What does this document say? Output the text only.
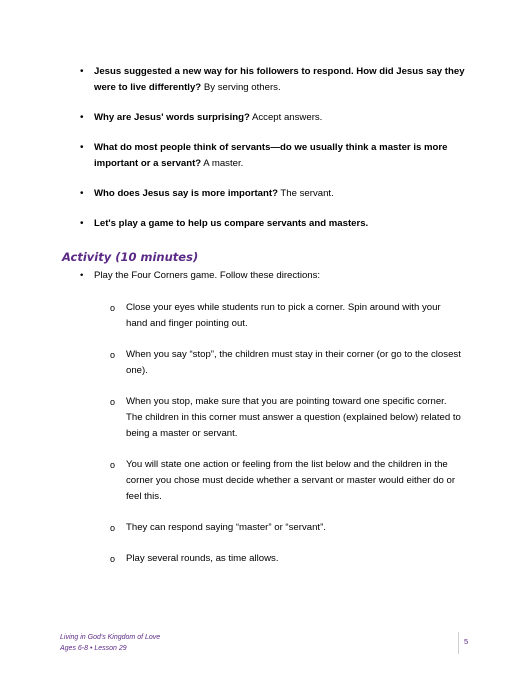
• Jesus suggested a new way for his followers to respond. How did Jesus say they were to live differently? By serving others.
• Why are Jesus' words surprising? Accept answers.
• What do most people think of servants—do we usually think a master is more important or a servant? A master.
• Who does Jesus say is more important? The servant.
• Let's play a game to help us compare servants and masters.
Activity (10 minutes)
• Play the Four Corners game. Follow these directions:
o Close your eyes while students run to pick a corner. Spin around with your hand and finger pointing out.
o When you say “stop”, the children must stay in their corner (or go to the closest one).
o When you stop, make sure that you are pointing toward one specific corner. The children in this corner must answer a question (explained below) related to being a master or servant.
o You will state one action or feeling from the list below and the children in the corner you chose must decide whether a servant or master would either do or feel this.
o They can respond saying “master” or “servant”.
o Play several rounds, as time allows.
Living in God's Kingdom of Love
Ages 6-8 • Lesson 29
5
